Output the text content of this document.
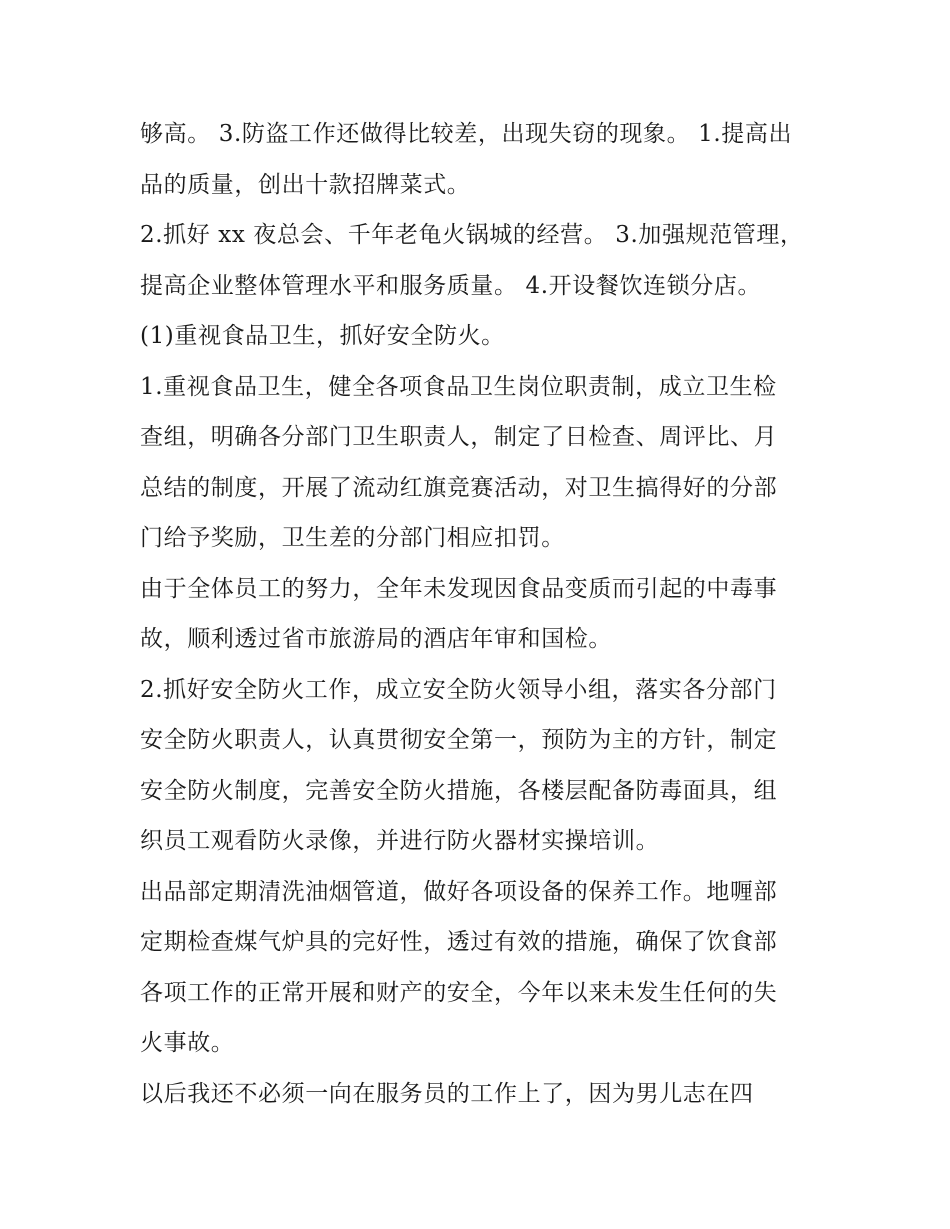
够高。 3.防盗工作还做得比较差，出现失窃的现象。 1.提高出
品的质量，创出十款招牌菜式。
2.抓好 xx 夜总会、千年老龟火锅城的经营。 3.加强规范管理，
提高企业整体管理水平和服务质量。 4.开设餐饮连锁分店。
(1)重视食品卫生，抓好安全防火。
1.重视食品卫生，健全各项食品卫生岗位职责制，成立卫生检
查组，明确各分部门卫生职责人，制定了日检查、周评比、月
总结的制度，开展了流动红旗竞赛活动，对卫生搞得好的分部
门给予奖励，卫生差的分部门相应扣罚。
由于全体员工的努力，全年未发现因食品变质而引起的中毒事
故，顺利透过省市旅游局的酒店年审和国检。
2.抓好安全防火工作，成立安全防火领导小组，落实各分部门
安全防火职责人，认真贯彻安全第一，预防为主的方针，制定
安全防火制度，完善安全防火措施，各楼层配备防毒面具，组
织员工观看防火录像，并进行防火器材实操培训。
出品部定期清洗油烟管道，做好各项设备的保养工作。地喱部
定期检查煤气炉具的完好性，透过有效的措施，确保了饮食部
各项工作的正常开展和财产的安全，今年以来未发生任何的失
火事故。
以后我还不必须一向在服务员的工作上了，因为男儿志在四
